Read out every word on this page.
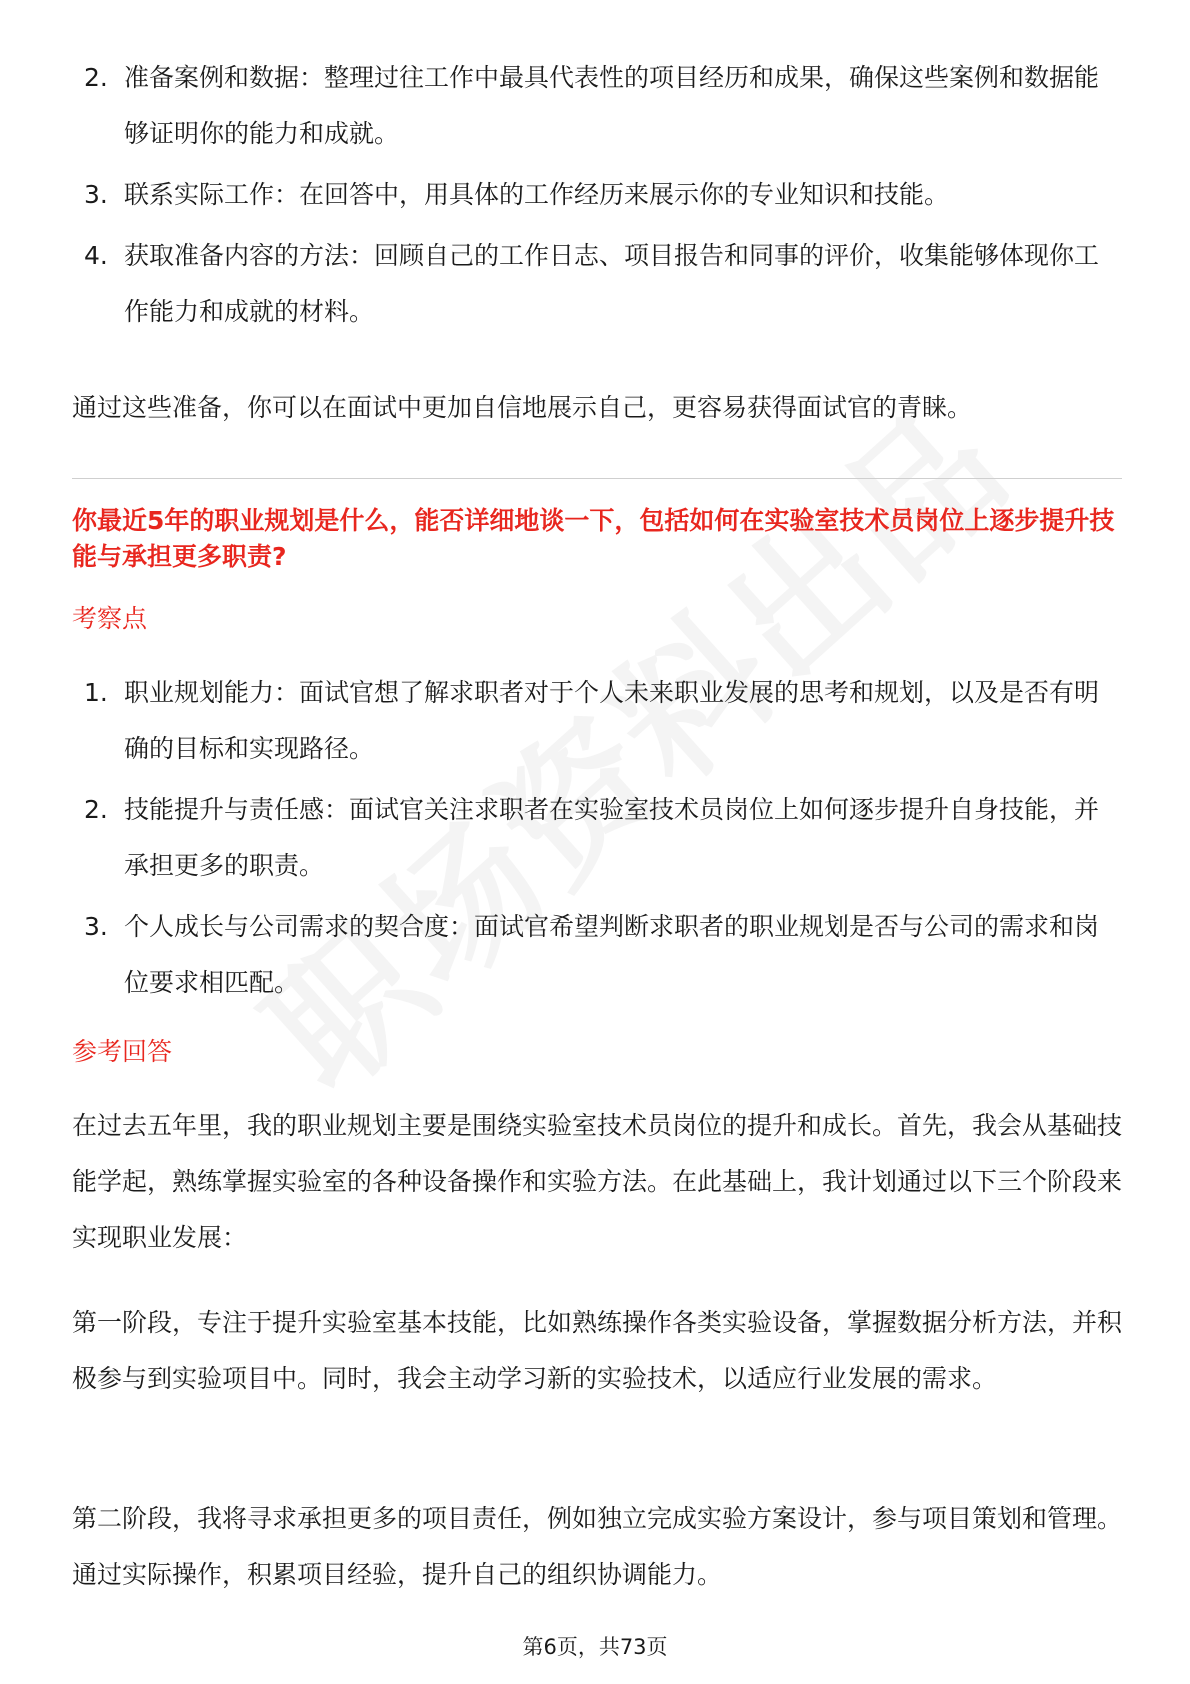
2. 准备案例和数据：整理过往工作中最具代表性的项目经历和成果，确保这些案例和数据能够证明你的能力和成就。
3. 联系实际工作：在回答中，用具体的工作经历来展示你的专业知识和技能。
4. 获取准备内容的方法：回顾自己的工作日志、项目报告和同事的评价，收集能够体现你工作能力和成就的材料。

通过这些准备，你可以在面试中更加自信地展示自己，更容易获得面试官的青睐。

你最近5年的职业规划是什么，能否详细地谈一下，包括如何在实验室技术员岗位上逐步提升技能与承担更多职责?
考察点
1. 职业规划能力：面试官想了解求职者对于个人未来职业发展的思考和规划，以及是否有明确的目标和实现路径。
2. 技能提升与责任感：面试官关注求职者在实验室技术员岗位上如何逐步提升自身技能，并承担更多的职责。
3. 个人成长与公司需求的契合度：面试官希望判断求职者的职业规划是否与公司的需求和岗位要求相匹配。
参考回答

在过去五年里，我的职业规划主要是围绕实验室技术员岗位的提升和成长。首先，我会从基础技能学起，熟练掌握实验室的各种设备操作和实验方法。在此基础上，我计划通过以下三个阶段来实现职业发展：

第一阶段，专注于提升实验室基本技能，比如熟练操作各类实验设备，掌握数据分析方法，并积极参与到实验项目中。同时，我会主动学习新的实验技术，以适应行业发展的需求。

第二阶段，我将寻求承担更多的项目责任，例如独立完成实验方案设计，参与项目策划和管理。通过实际操作，积累项目经验，提升自己的组织协调能力。

第6页，共73页
